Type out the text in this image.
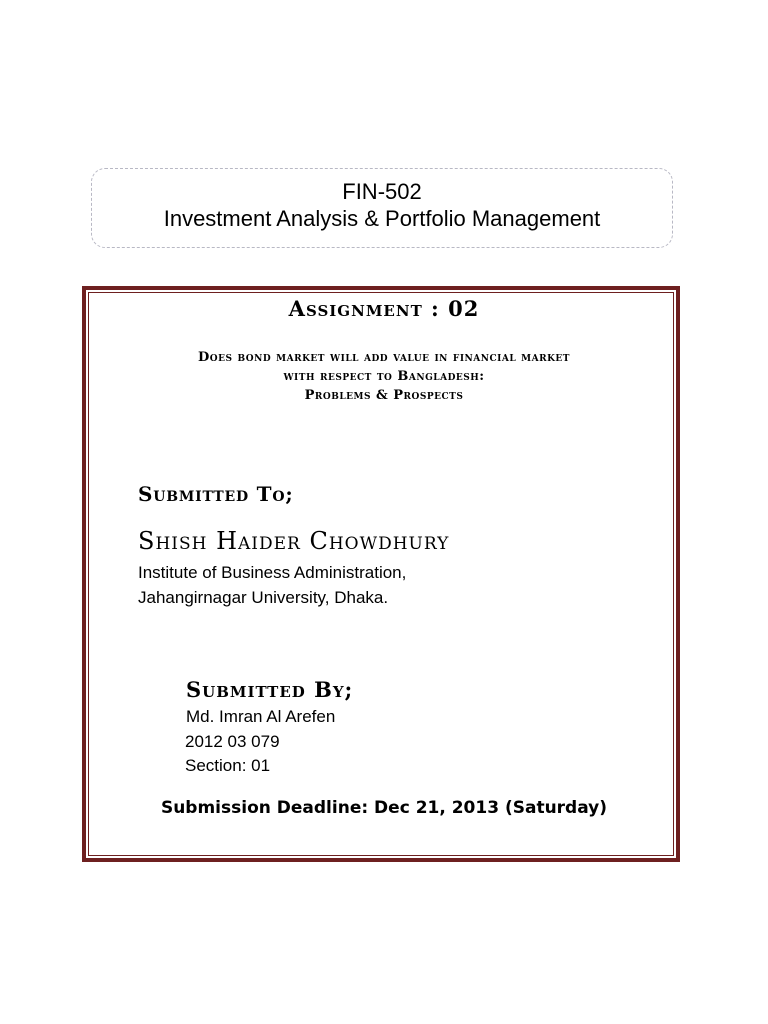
FIN-502
Investment Analysis & Portfolio Management
Assignment : 02
Does bond market will add value in financial market
with respect to Bangladesh:
Problems & Prospects
Submitted To;
Shish Haider Chowdhury
Institute of Business Administration,
Jahangirnagar University, Dhaka.
Submitted By;
Md. Imran Al Arefen
2012 03 079
Section: 01
Submission Deadline: Dec 21, 2013 (Saturday)
